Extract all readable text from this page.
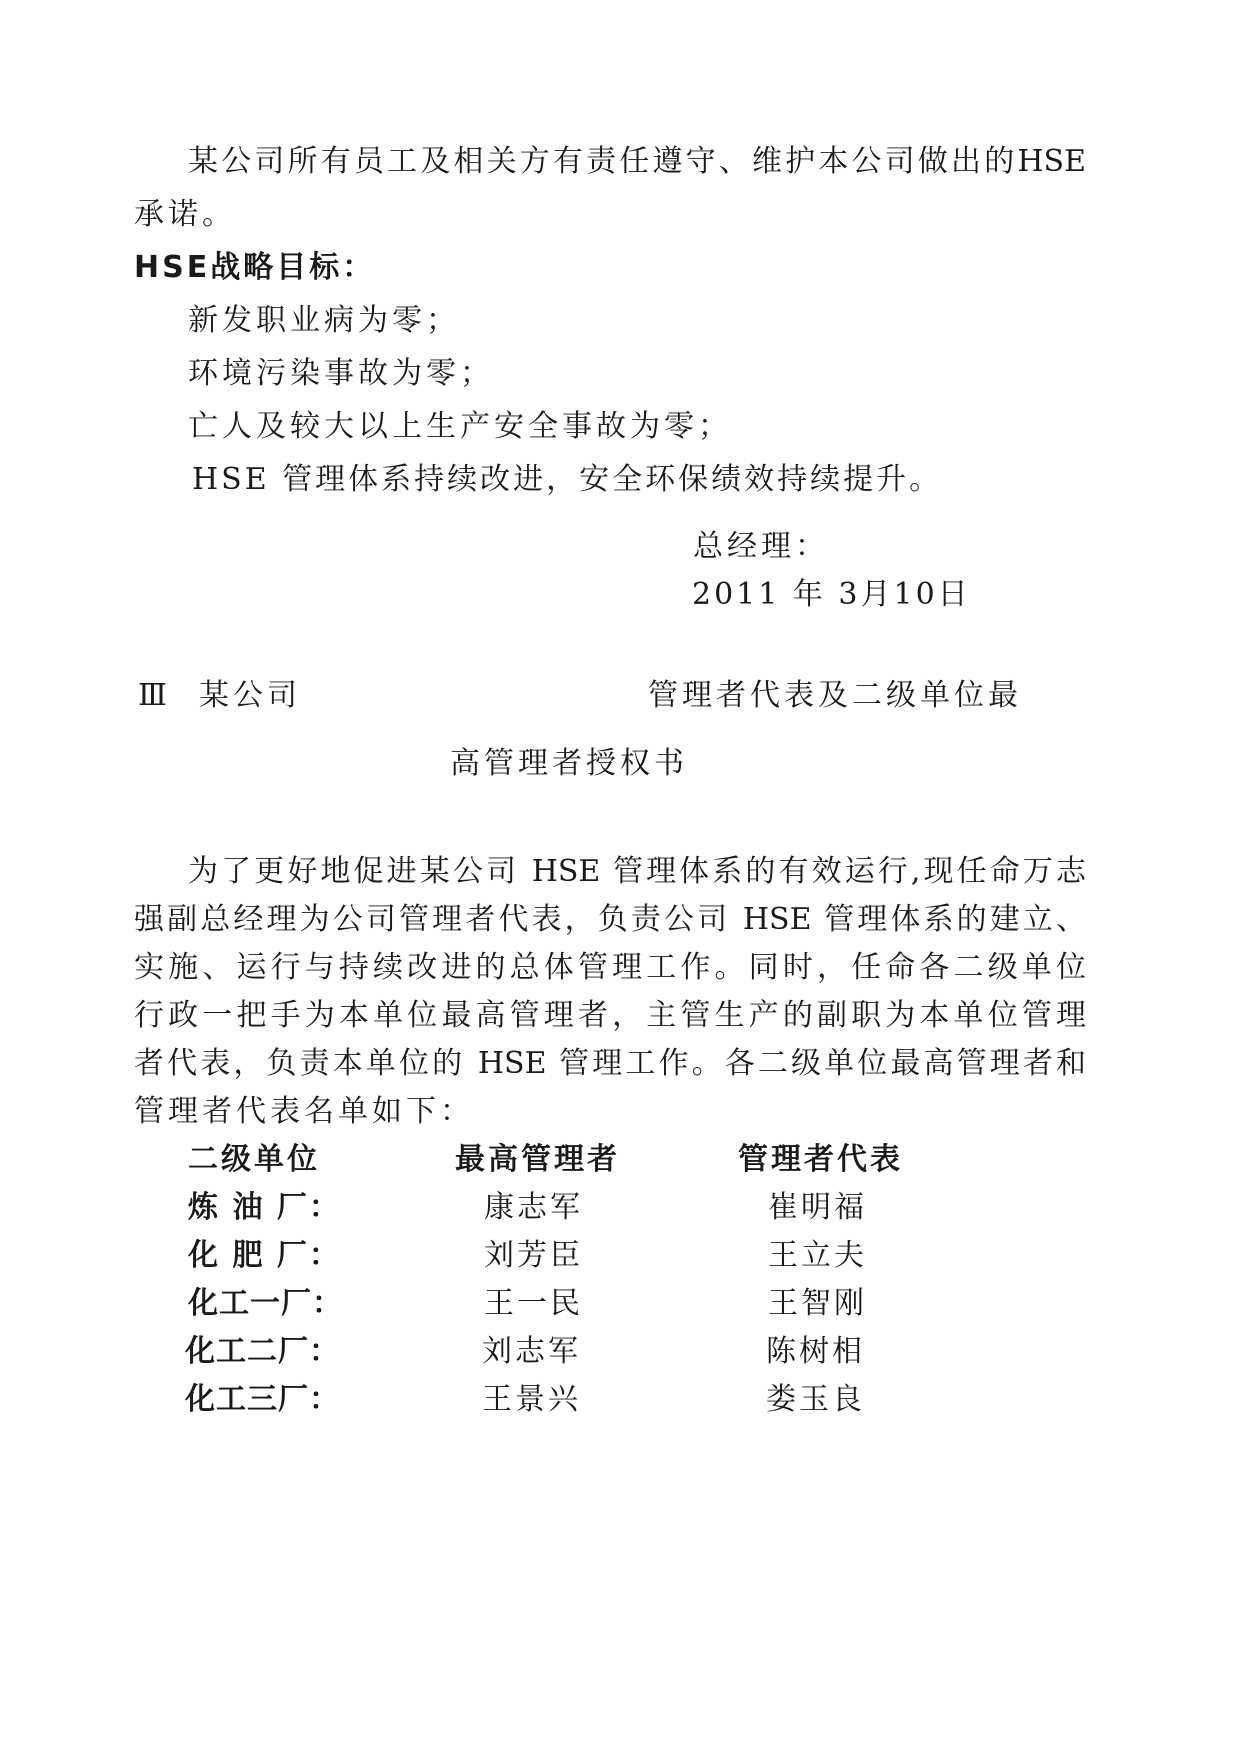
某公司所有员工及相关方有责任遵守、维护本公司做出的HSE
承诺。
HSE战略目标：
新发职业病为零；
环境污染事故为零；
亡人及较大以上生产安全事故为零；
HSE 管理体系持续改进，安全环保绩效持续提升。
总经理：
2011 年 3月10日
Ⅲ 某公司	管理者代表及二级单位最
高管理者授权书
为了更好地促进某公司 HSE 管理体系的有效运行,现任命万志
强副总经理为公司管理者代表，负责公司 HSE 管理体系的建立、
实施、运行与持续改进的总体管理工作。同时，任命各二级单位
行政一把手为本单位最高管理者，主管生产的副职为本单位管理
者代表，负责本单位的 HSE 管理工作。各二级单位最高管理者和
管理者代表名单如下：
二级单位	最高管理者	管理者代表
炼 油 厂：	康志军	崔明福
化 肥 厂：	刘芳臣	王立夫
化工一厂：	王一民	王智刚
化工二厂：	刘志军	陈树相
化工三厂：	王景兴	娄玉良
